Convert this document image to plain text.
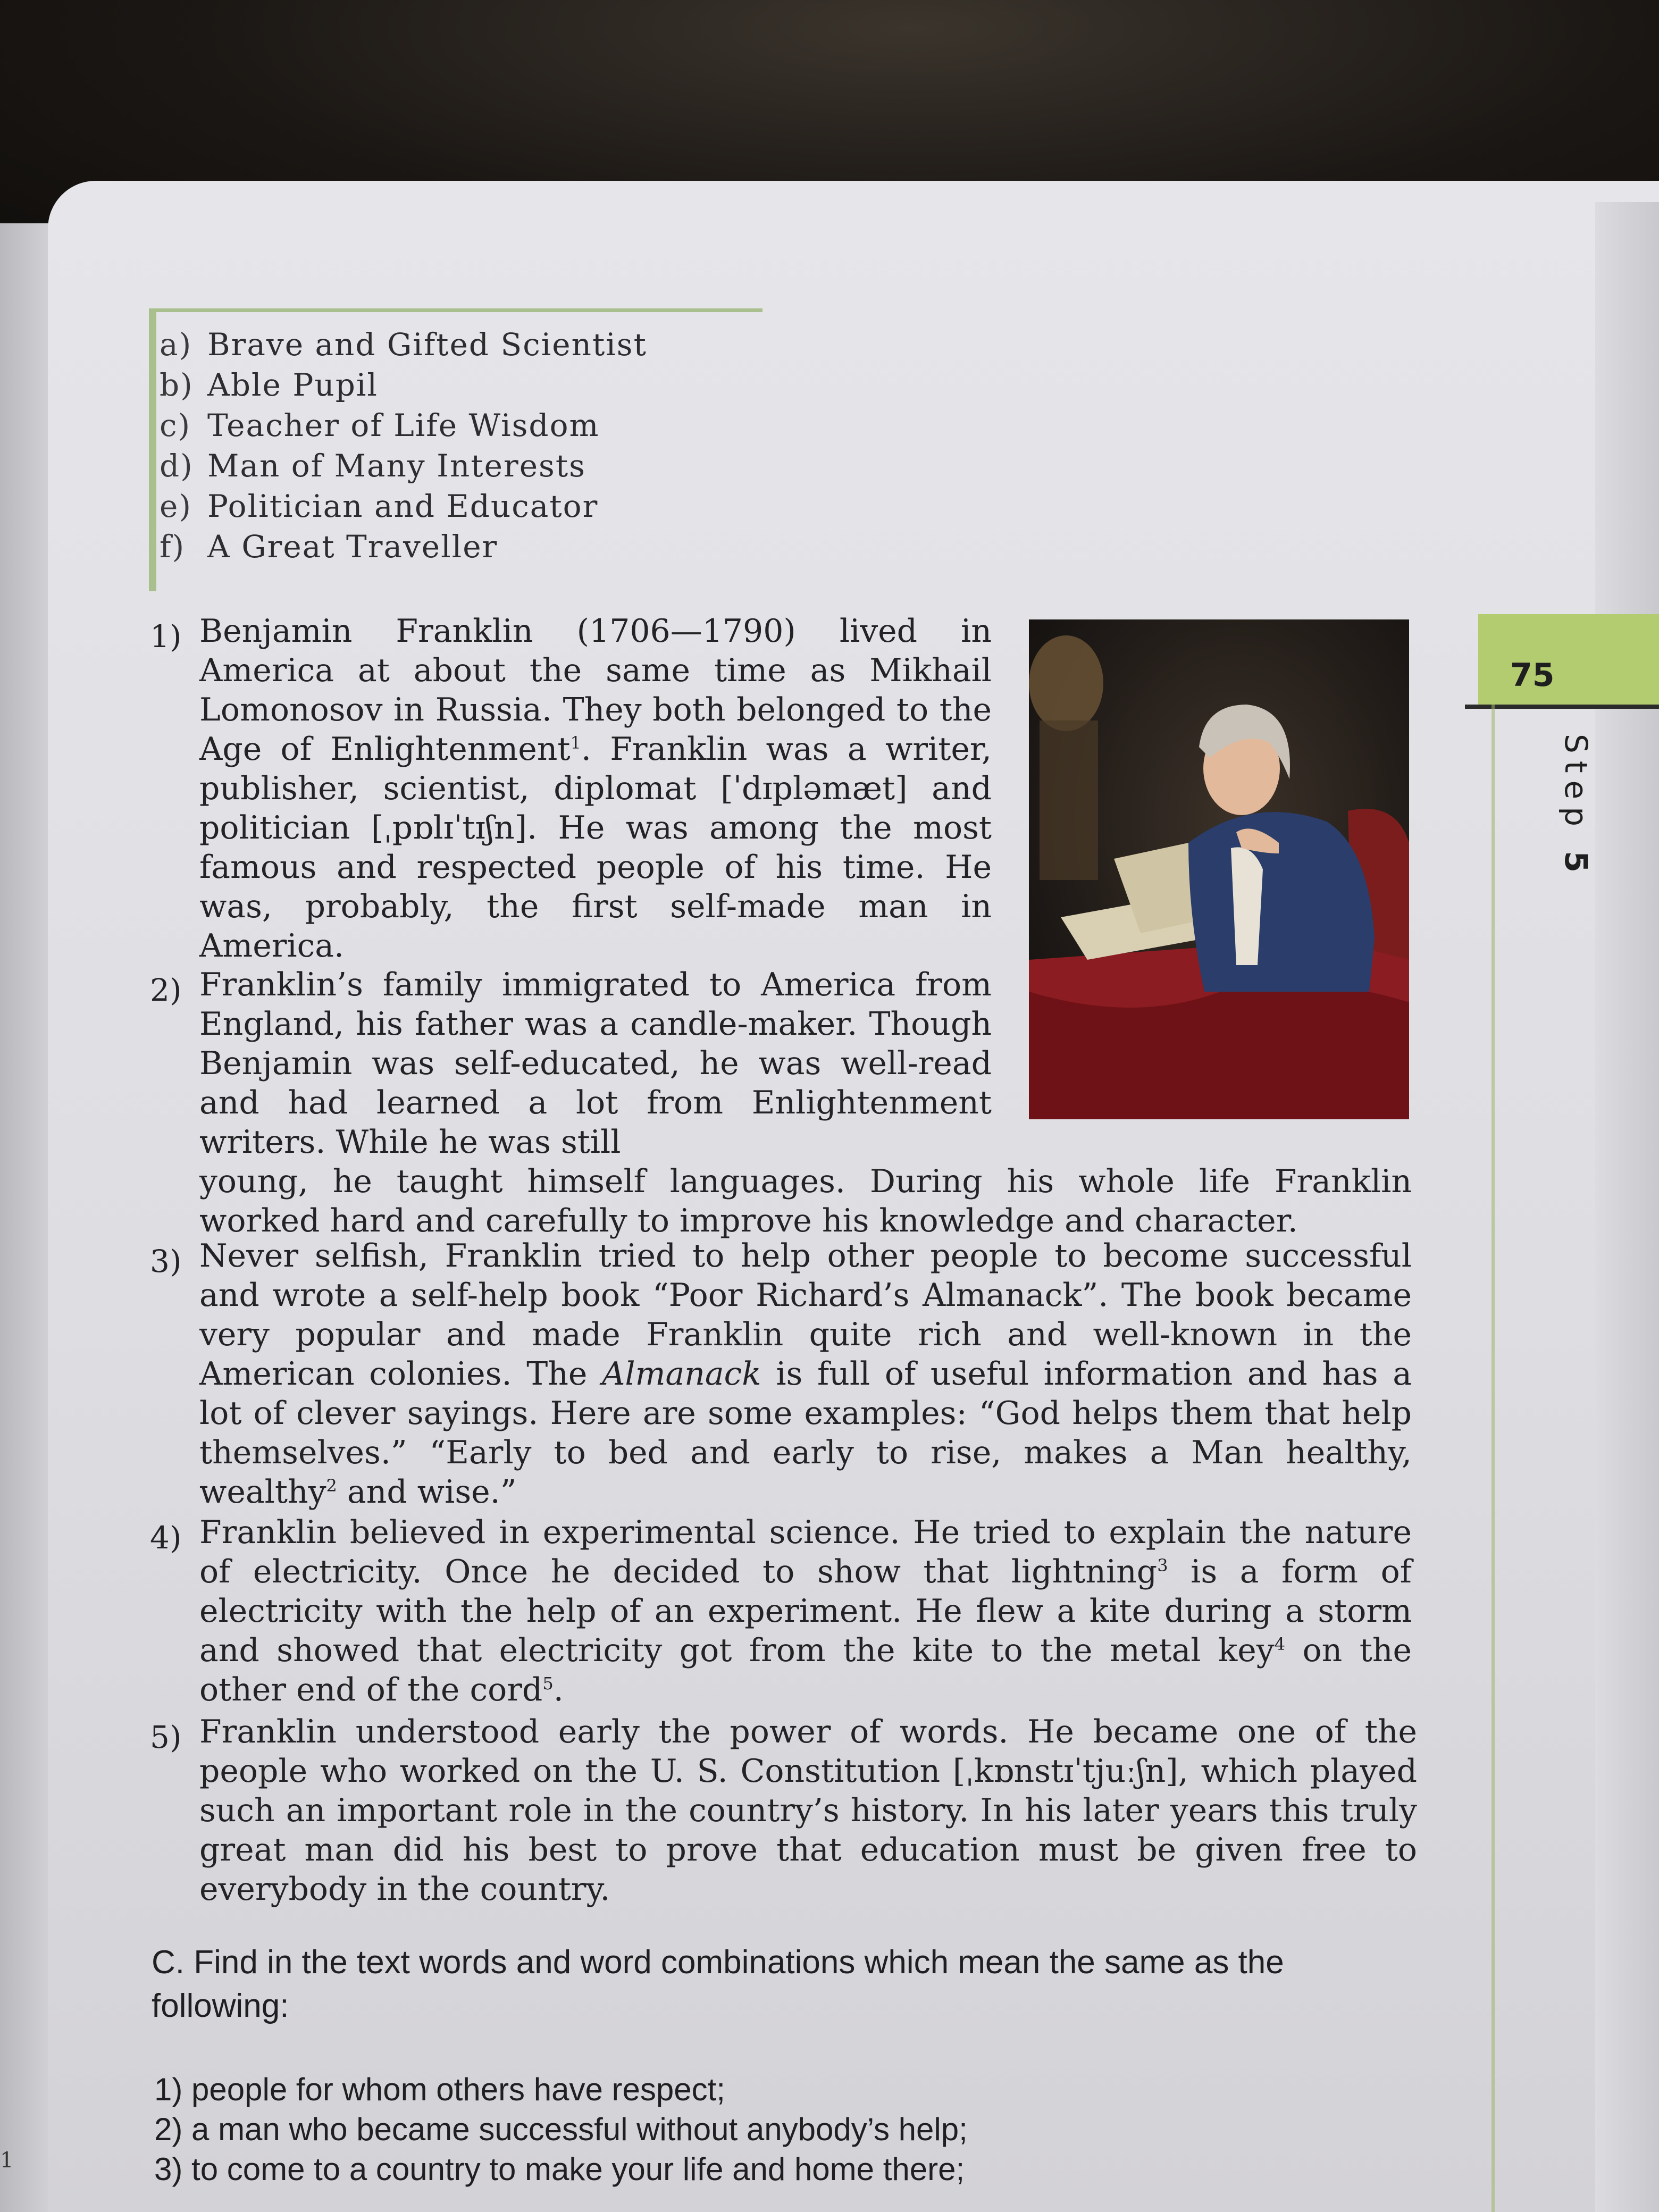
1
a) Brave and Gifted Scientist
b) Able Pupil
c) Teacher of Life Wisdom
d) Man of Many Interests
e) Politician and Educator
f) A Great Traveller
1) Benjamin Franklin (1706—1790) lived in America at about the same time as Mikhail Lomonosov in Russia. They both belonged to the Age of Enlightenment$^1$. Franklin was a writer, publisher, scientist, diplomat [ˈdɪpləmæt] and politician [ˌpɒlɪˈtɪʃn]. He was among the most famous and respected people of his time. He was, probably, the first self-made man in America.

2) Franklin’s family immigrated to America from England, his father was a candle-maker. Though Benjamin was self-educated, he was well-read and had learned a lot from Enlightenment writers. While he was still

young, he taught himself languages. During his whole life Franklin worked hard and carefully to improve his knowledge and character.

3) Never selfish, Franklin tried to help other people to become successful and wrote a self-help book “Poor Richard’s Almanack”. The book became very popular and made Franklin quite rich and well-known in the American colonies. The Almanack is full of useful information and has a lot of clever sayings. Here are some examples: “God helps them that help themselves.” “Early to bed and early to rise, makes a Man healthy, wealthy$^2$ and wise.”

4) Franklin believed in experimental science. He tried to explain the nature of electricity. Once he decided to show that lightning$^3$ is a form of electricity with the help of an experiment. He flew a kite during a storm and showed that electricity got from the kite to the metal key$^4$ on the other end of the cord$^5$.

5) Franklin understood early the power of words. He became one of the people who worked on the U. S. Constitution [ˌkɒnstɪˈtjuːʃn], which played such an important role in the country’s history. In his later years this truly great man did his best to prove that education must be given free to everybody in the country.

75
Step 5

C. Find in the text words and word combinations which mean the same as the following:

1) people for whom others have respect;
2) a man who became successful without anybody’s help;
3) to come to a country to make your life and home there;
